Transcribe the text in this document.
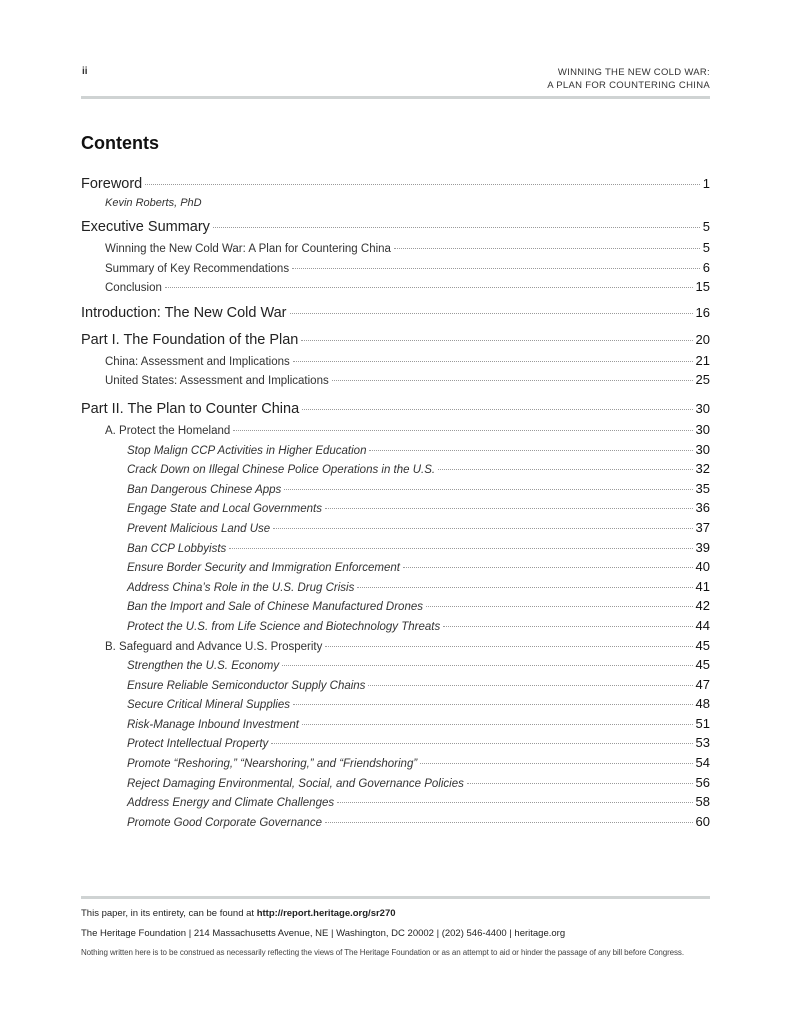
ii	WINNING THE NEW COLD WAR:
A PLAN FOR COUNTERING CHINA
Contents
Foreword	1
Kevin Roberts, PhD
Executive Summary	5
Winning the New Cold War: A Plan for Countering China	5
Summary of Key Recommendations	6
Conclusion	15
Introduction: The New Cold War	16
Part I. The Foundation of the Plan	20
China: Assessment and Implications	21
United States: Assessment and Implications	25
Part II. The Plan to Counter China	30
A. Protect the Homeland	30
Stop Malign CCP Activities in Higher Education	30
Crack Down on Illegal Chinese Police Operations in the U.S.	32
Ban Dangerous Chinese Apps	35
Engage State and Local Governments	36
Prevent Malicious Land Use	37
Ban CCP Lobbyists	39
Ensure Border Security and Immigration Enforcement	40
Address China’s Role in the U.S. Drug Crisis	41
Ban the Import and Sale of Chinese Manufactured Drones	42
Protect the U.S. from Life Science and Biotechnology Threats	44
B. Safeguard and Advance U.S. Prosperity	45
Strengthen the U.S. Economy	45
Ensure Reliable Semiconductor Supply Chains	47
Secure Critical Mineral Supplies	48
Risk-Manage Inbound Investment	51
Protect Intellectual Property	53
Promote “Reshoring,” “Nearshoring,” and “Friendshoring”	54
Reject Damaging Environmental, Social, and Governance Policies	56
Address Energy and Climate Challenges	58
Promote Good Corporate Governance	60
This paper, in its entirety, can be found at http://report.heritage.org/sr270
The Heritage Foundation | 214 Massachusetts Avenue, NE | Washington, DC 20002 | (202) 546-4400 | heritage.org
Nothing written here is to be construed as necessarily reflecting the views of The Heritage Foundation or as an attempt to aid or hinder the passage of any bill before Congress.
